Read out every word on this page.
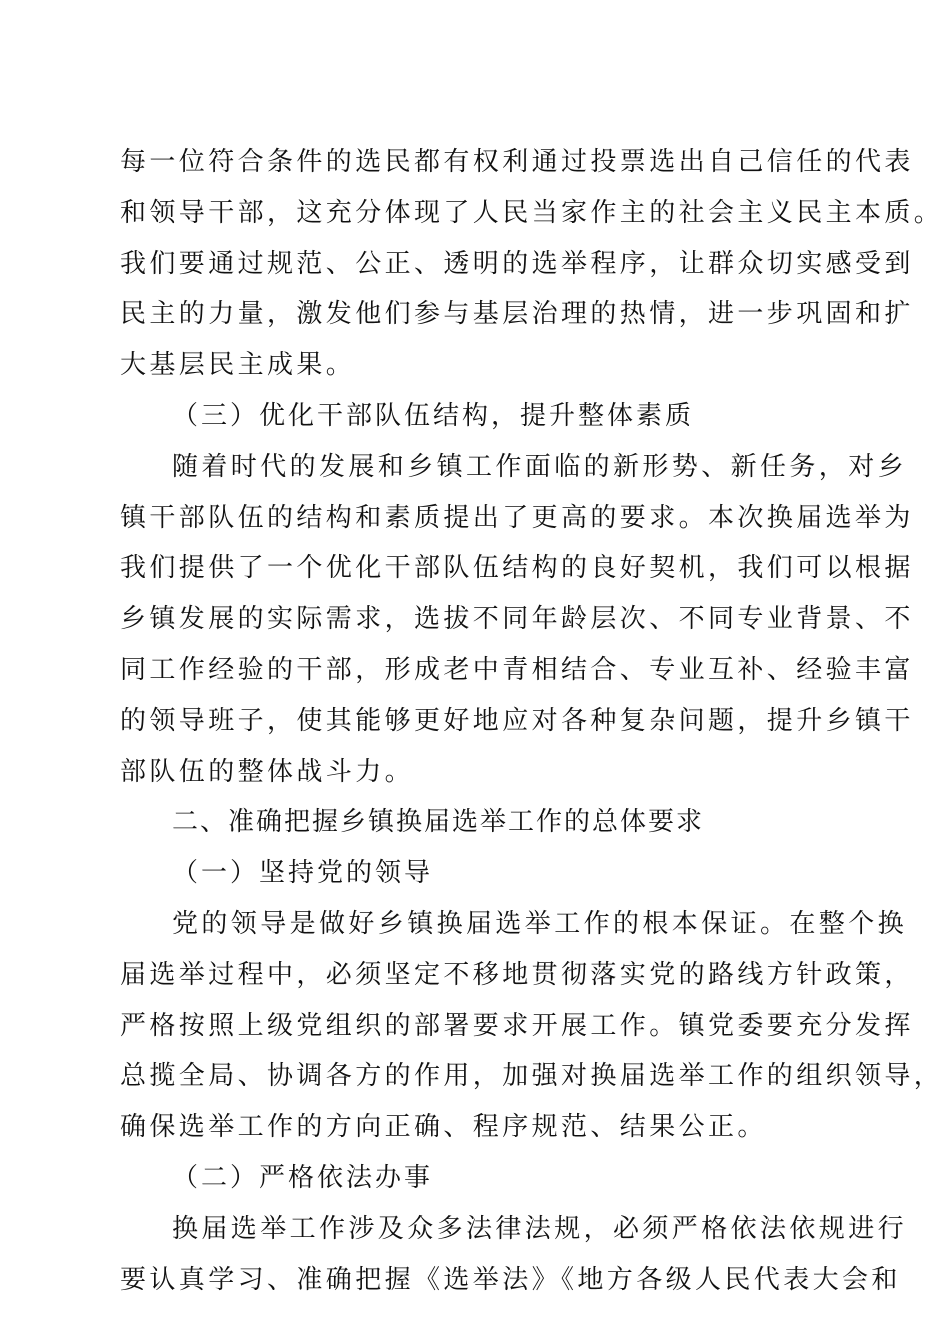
每一位符合条件的选民都有权利通过投票选出自己信任的代表
和领导干部，这充分体现了人民当家作主的社会主义民主本质。
我们要通过规范、公正、透明的选举程序，让群众切实感受到
民主的力量，激发他们参与基层治理的热情，进一步巩固和扩
大基层民主成果。
（三）优化干部队伍结构，提升整体素质
随着时代的发展和乡镇工作面临的新形势、新任务，对乡
镇干部队伍的结构和素质提出了更高的要求。本次换届选举为
我们提供了一个优化干部队伍结构的良好契机，我们可以根据
乡镇发展的实际需求，选拔不同年龄层次、不同专业背景、不
同工作经验的干部，形成老中青相结合、专业互补、经验丰富
的领导班子，使其能够更好地应对各种复杂问题，提升乡镇干
部队伍的整体战斗力。
二、准确把握乡镇换届选举工作的总体要求
（一）坚持党的领导
党的领导是做好乡镇换届选举工作的根本保证。在整个换
届选举过程中，必须坚定不移地贯彻落实党的路线方针政策，
严格按照上级党组织的部署要求开展工作。镇党委要充分发挥
总揽全局、协调各方的作用，加强对换届选举工作的组织领导，
确保选举工作的方向正确、程序规范、结果公正。
（二）严格依法办事
换届选举工作涉及众多法律法规，必须严格依法依规进行
要认真学习、准确把握《选举法》《地方各级人民代表大会和
